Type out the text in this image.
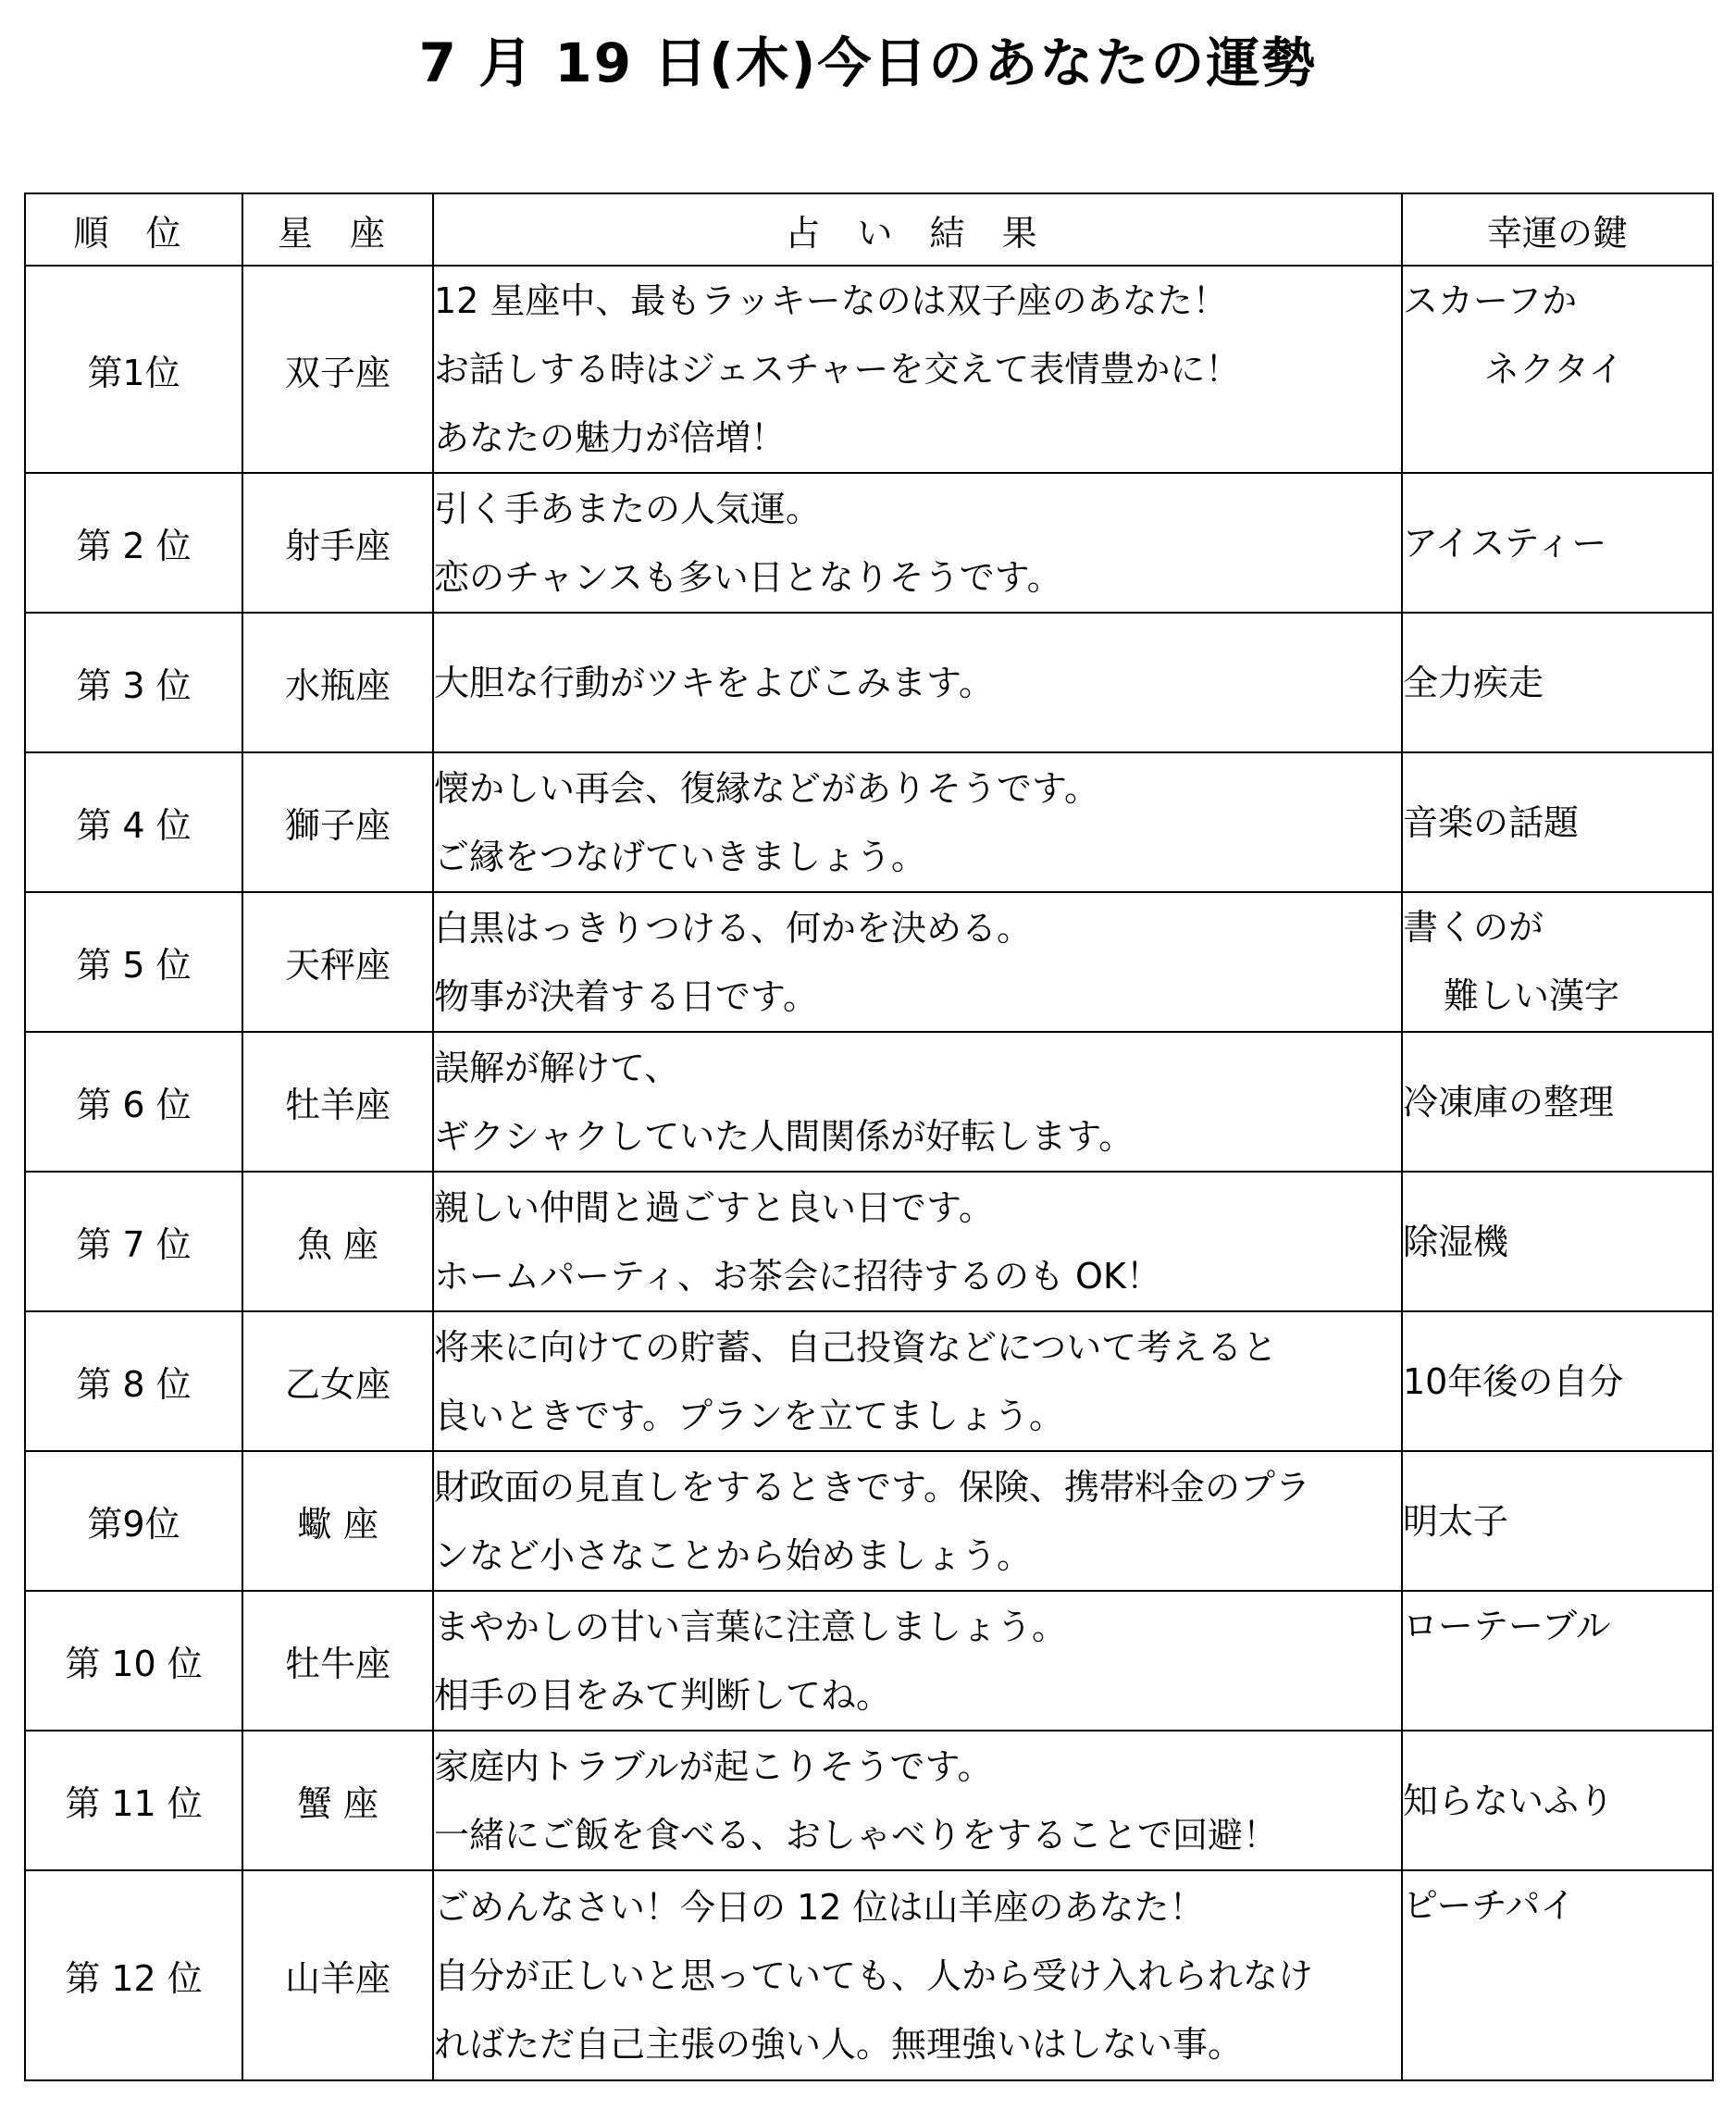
7 月 19 日(木)今日のあなたの運勢
順 位	星 座	占 い 結 果	幸運の鍵
第1位	双子座	12 星座中、最もラッキーなのは双子座のあなた！
お話しする時はジェスチャーを交えて表情豊かに！
あなたの魅力が倍増！	スカーフか
ネクタイ

第 2 位	射手座	引く手あまたの人気運。
恋のチャンスも多い日となりそうです。	アイスティー

第 3 位	水瓶座	大胆な行動がツキをよびこみます。	全力疾走

第 4 位	獅子座	懐かしい再会、復縁などがありそうです。
ご縁をつなげていきましょう。	音楽の話題

第 5 位	天秤座	白黒はっきりつける、何かを決める。
物事が決着する日です。	書くのが
難しい漢字

第 6 位	牡羊座	誤解が解けて、
ギクシャクしていた人間関係が好転します。	冷凍庫の整理

第 7 位	魚 座	親しい仲間と過ごすと良い日です。
ホームパーティ、お茶会に招待するのも OK！	除湿機

第 8 位	乙女座	将来に向けての貯蓄、自己投資などについて考えると
良いときです。プランを立てましょう。	10年後の自分

第9位	蠍 座	財政面の見直しをするときです。保険、携帯料金のプラ
ンなど小さなことから始めましょう。	明太子

第 10 位	牡牛座	まやかしの甘い言葉に注意しましょう。
相手の目をみて判断してね。	ローテーブル

第 11 位	蟹 座	家庭内トラブルが起こりそうです。
一緒にご飯を食べる、おしゃべりをすることで回避！	知らないふり

第 12 位	山羊座	ごめんなさい！今日の 12 位は山羊座のあなた！
自分が正しいと思っていても、人から受け入れられなけ
ればただ自己主張の強い人。無理強いはしない事。	ピーチパイ
